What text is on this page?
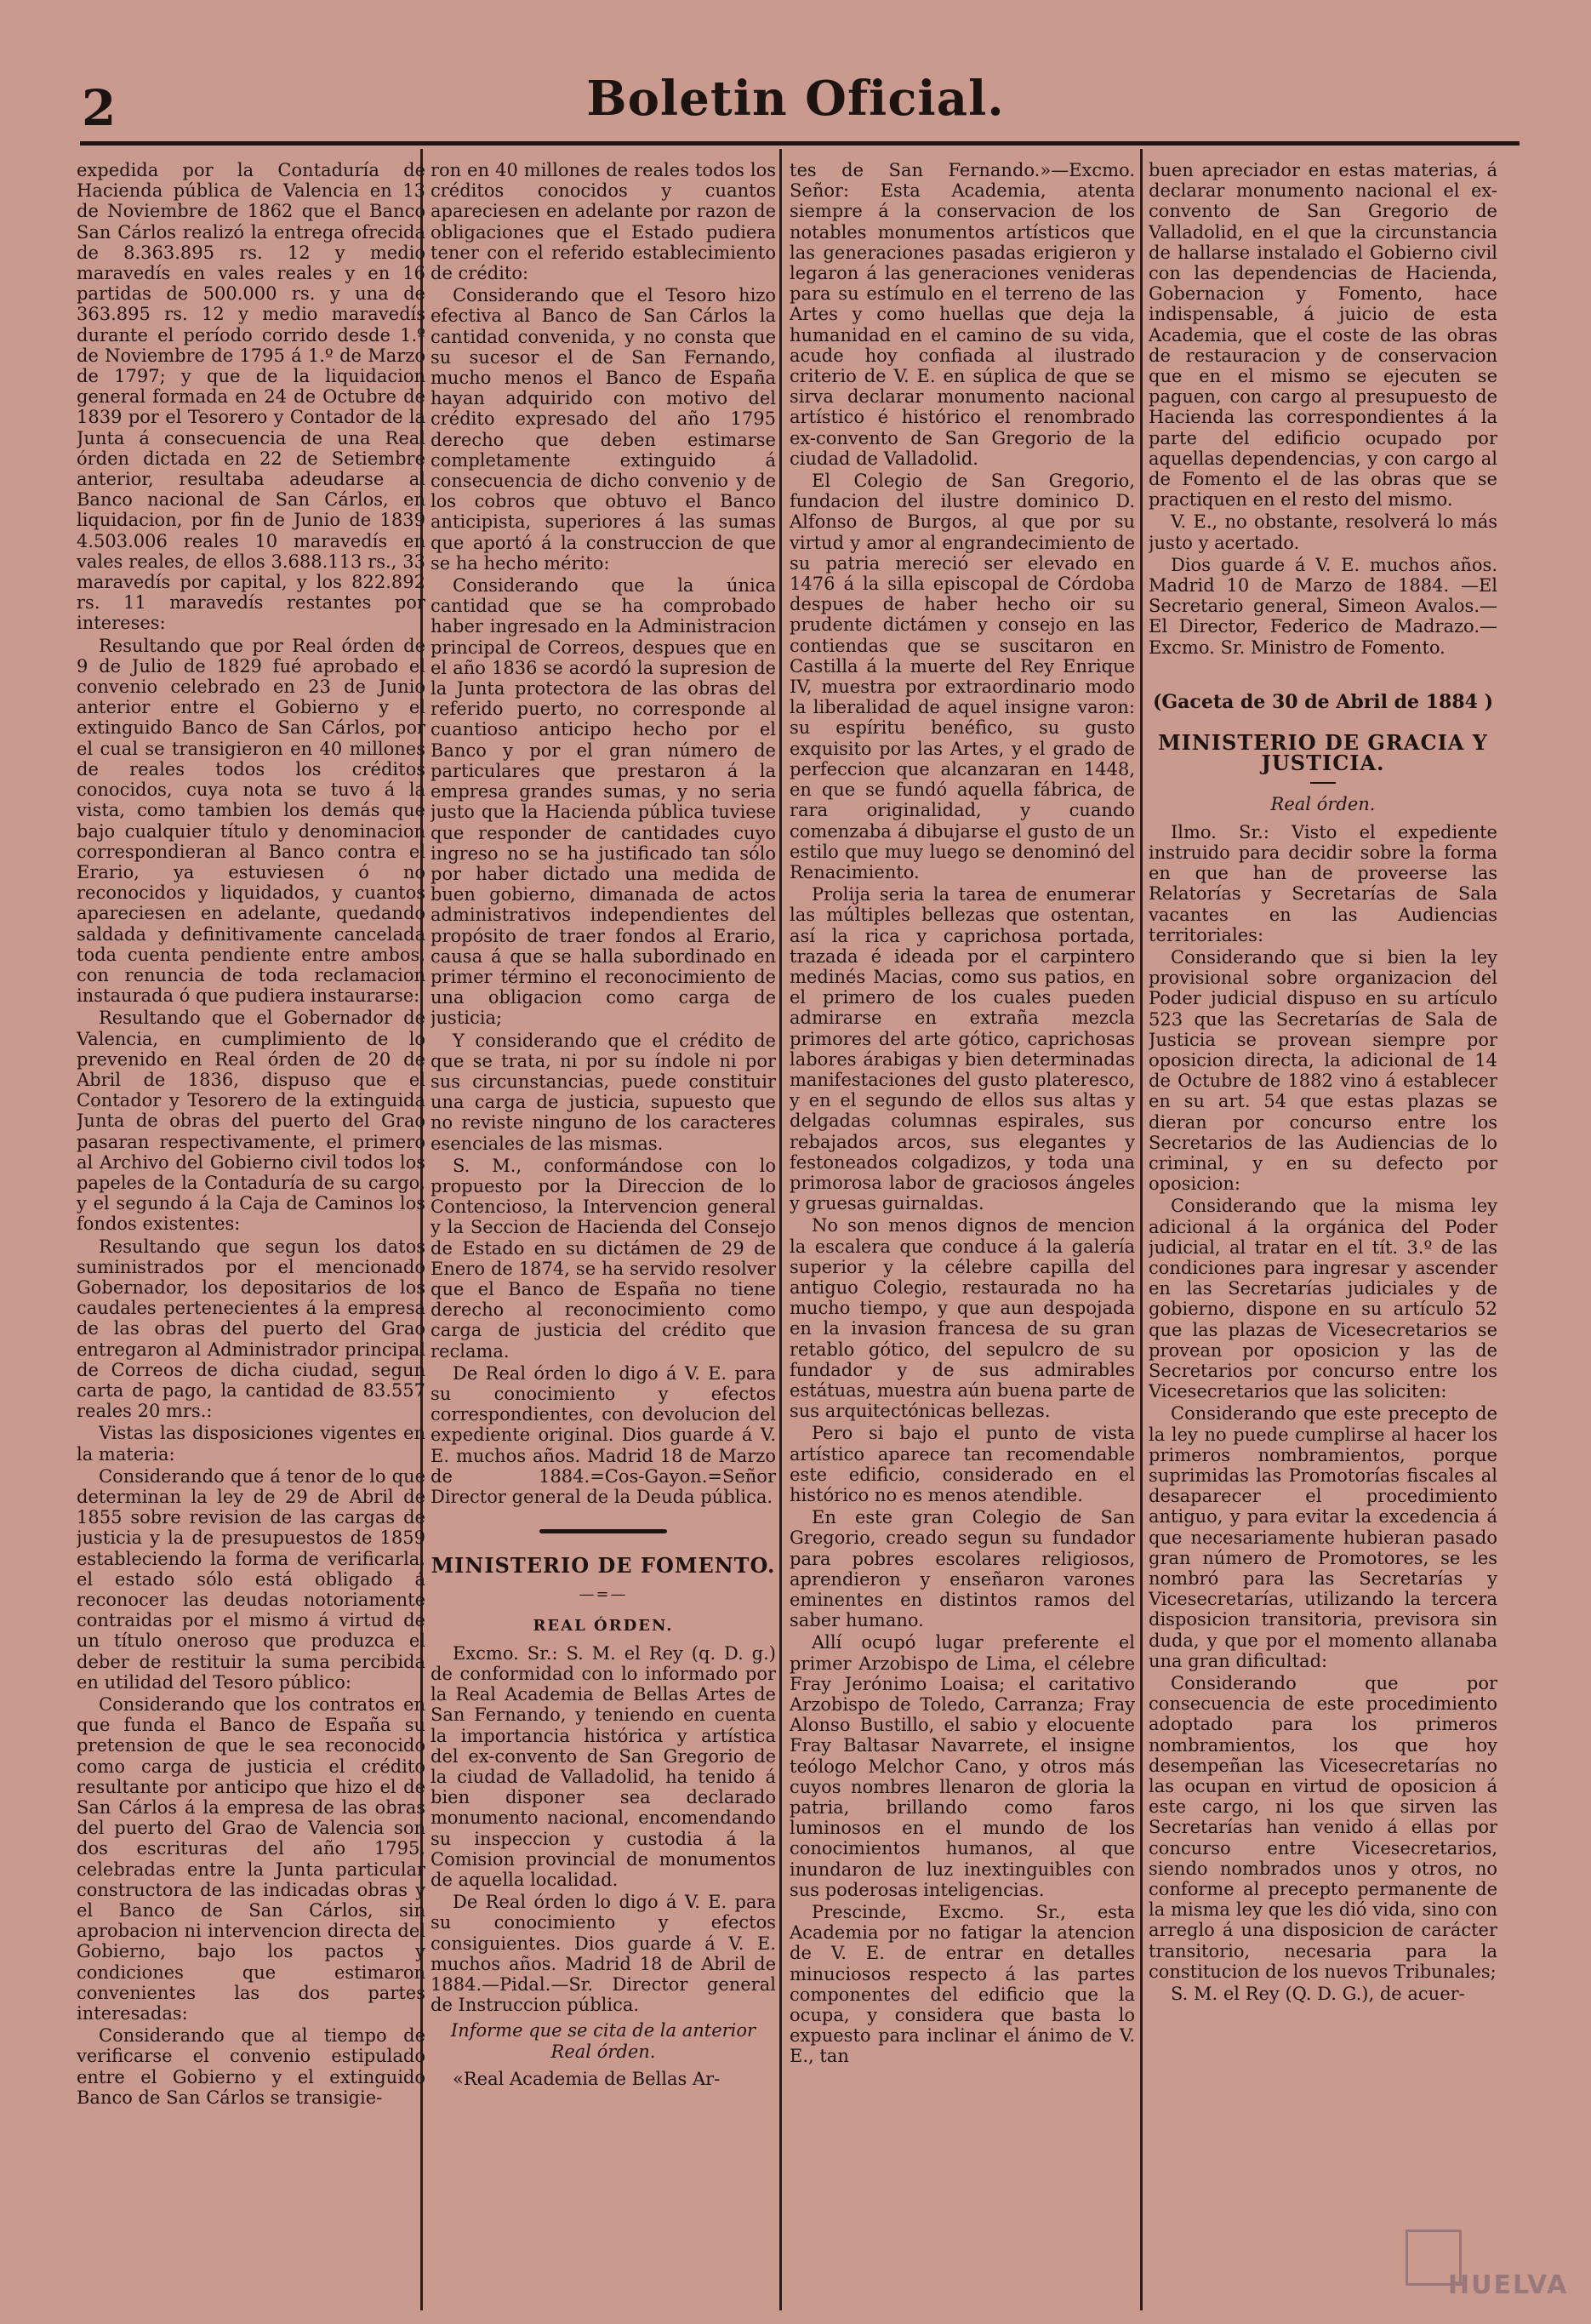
2	Boletin Oficial.

expedida por la Contaduría de Hacienda pública de Valencia en 13 de Noviembre de 1862 que el Banco San Cárlos realizó la entrega ofrecida de 8.363.895 rs. 12 y medio maravedís en vales reales y en 16 partidas de 500.000 rs. y una de 363.895 rs. 12 y medio maravedís durante el período corrido desde 1.º de Noviembre de 1795 á 1.º de Marzo de 1797; y que de la liquidacion general formada en 24 de Octubre de 1839 por el Tesorero y Contador de la Junta á consecuencia de una Real órden dictada en 22 de Setiembre anterior, resultaba adeudarse al Banco nacional de San Cárlos, en liquidacion, por fin de Junio de 1839 4.503.006 reales 10 maravedís en vales reales, de ellos 3.688.113 rs., 33 maravedís por capital, y los 822.892 rs. 11 maravedís restantes por intereses:

Resultando que por Real órden de 9 de Julio de 1829 fué aprobado el convenio celebrado en 23 de Junio anterior entre el Gobierno y el extinguido Banco de San Cárlos, por el cual se transigieron en 40 millones de reales todos los créditos conocidos, cuya nota se tuvo á la vista, como tambien los demás que bajo cualquier título y denominacion correspondieran al Banco contra el Erario, ya estuviesen ó no reconocidos y liquidados, y cuantos apareciesen en adelante, quedando saldada y definitivamente cancelada toda cuenta pendiente entre ambos, con renuncia de toda reclamacion instaurada ó que pudiera instaurarse:

Resultando que el Gobernador de Valencia, en cumplimiento de lo prevenido en Real órden de 20 de Abril de 1836, dispuso que el Contador y Tesorero de la extinguida Junta de obras del puerto del Grao pasaran respectivamente, el primero al Archivo del Gobierno civil todos los papeles de la Contaduría de su cargo, y el segundo á la Caja de Caminos los fondos existentes:

Resultando que segun los datos suministrados por el mencionado Gobernador, los depositarios de los caudales pertenecientes á la empresa de las obras del puerto del Grao entregaron al Administrador principal de Correos de dicha ciudad, segun carta de pago, la cantidad de 83.557 reales 20 mrs.:

Vistas las disposiciones vigentes en la materia:

Considerando que á tenor de lo que determinan la ley de 29 de Abril de 1855 sobre revision de las cargas de justicia y la de presupuestos de 1859 estableciendo la forma de verificarla, el estado sólo está obligado á reconocer las deudas notoriamente contraidas por el mismo á virtud de un título oneroso que produzca el deber de restituir la suma percibida en utilidad del Tesoro público:

Considerando que los contratos en que funda el Banco de España su pretension de que le sea reconocido como carga de justicia el crédito resultante por anticipo que hizo el de San Cárlos á la empresa de las obras del puerto del Grao de Valencia son dos escrituras del año 1795, celebradas entre la Junta particular constructora de las indicadas obras y el Banco de San Cárlos, sin aprobacion ni intervencion directa del Gobierno, bajo los pactos y condiciones que estimaron convenientes las dos partes interesadas:

Considerando que al tiempo de verificarse el convenio estipulado entre el Gobierno y el extinguido Banco de San Cárlos se transigie-

ron en 40 millones de reales todos los créditos conocidos y cuantos apareciesen en adelante por razon de obligaciones que el Estado pudiera tener con el referido establecimiento de crédito:

Considerando que el Tesoro hizo efectiva al Banco de San Cárlos la cantidad convenida, y no consta que su sucesor el de San Fernando, mucho menos el Banco de España hayan adquirido con motivo del crédito expresado del año 1795 derecho que deben estimarse completamente extinguido á consecuencia de dicho convenio y de los cobros que obtuvo el Banco anticipista, superiores á las sumas que aportó á la construccion de que se ha hecho mérito:

Considerando que la única cantidad que se ha comprobado haber ingresado en la Administracion principal de Correos, despues que en el año 1836 se acordó la supresion de la Junta protectora de las obras del referido puerto, no corresponde al cuantioso anticipo hecho por el Banco y por el gran número de particulares que prestaron á la empresa grandes sumas, y no seria justo que la Hacienda pública tuviese que responder de cantidades cuyo ingreso no se ha justificado tan sólo por haber dictado una medida de buen gobierno, dimanada de actos administrativos independientes del propósito de traer fondos al Erario, causa á que se halla subordinado en primer término el reconocimiento de una obligacion como carga de justicia;

Y considerando que el crédito de que se trata, ni por su índole ni por sus circunstancias, puede constituir una carga de justicia, supuesto que no reviste ninguno de los caracteres esenciales de las mismas.

S. M., conformándose con lo propuesto por la Direccion de lo Contencioso, la Intervencion general y la Seccion de Hacienda del Consejo de Estado en su dictámen de 29 de Enero de 1874, se ha servido resolver que el Banco de España no tiene derecho al reconocimiento como carga de justicia del crédito que reclama.

De Real órden lo digo á V. E. para su conocimiento y efectos correspondientes, con devolucion del expediente original. Dios guarde á V. E. muchos años. Madrid 18 de Marzo de 1884.=Cos-Gayon.=Señor Director general de la Deuda pública.

MINISTERIO DE FOMENTO.
—=—
REAL ÓRDEN.

Excmo. Sr.: S. M. el Rey (q. D. g.) de conformidad con lo informado por la Real Academia de Bellas Artes de San Fernando, y teniendo en cuenta la importancia histórica y artística del ex-convento de San Gregorio de la ciudad de Valladolid, ha tenido á bien disponer sea declarado monumento nacional, encomendando su inspeccion y custodia á la Comision provincial de monumentos de aquella localidad.

De Real órden lo digo á V. E. para su conocimiento y efectos consiguientes. Dios guarde á V. E. muchos años. Madrid 18 de Abril de 1884.—Pidal.—Sr. Director general de Instruccion pública.

Informe que se cita de la anterior Real órden.

«Real Academia de Bellas Ar-

tes de San Fernando.»—Excmo. Señor: Esta Academia, atenta siempre á la conservacion de los notables monumentos artísticos que las generaciones pasadas erigieron y legaron á las generaciones venideras para su estímulo en el terreno de las Artes y como huellas que deja la humanidad en el camino de su vida, acude hoy confiada al ilustrado criterio de V. E. en súplica de que se sirva declarar monumento nacional artístico é histórico el renombrado ex-convento de San Gregorio de la ciudad de Valladolid.

El Colegio de San Gregorio, fundacion del ilustre dominico D. Alfonso de Burgos, al que por su virtud y amor al engrandecimiento de su patria mereció ser elevado en 1476 á la silla episcopal de Córdoba despues de haber hecho oir su prudente dictámen y consejo en las contiendas que se suscitaron en Castilla á la muerte del Rey Enrique IV, muestra por extraordinario modo la liberalidad de aquel insigne varon: su espíritu benéfico, su gusto exquisito por las Artes, y el grado de perfeccion que alcanzaran en 1448, en que se fundó aquella fábrica, de rara originalidad, y cuando comenzaba á dibujarse el gusto de un estilo que muy luego se denominó del Renacimiento.

Prolija seria la tarea de enumerar las múltiples bellezas que ostentan, así la rica y caprichosa portada, trazada é ideada por el carpintero medinés Macias, como sus patios, en el primero de los cuales pueden admirarse en extraña mezcla primores del arte gótico, caprichosas labores árabigas y bien determinadas manifestaciones del gusto plateresco, y en el segundo de ellos sus altas y delgadas columnas espirales, sus rebajados arcos, sus elegantes y festoneados colgadizos, y toda una primorosa labor de graciosos ángeles y gruesas guirnaldas.

No son menos dignos de mencion la escalera que conduce á la galería superior y la célebre capilla del antiguo Colegio, restaurada no ha mucho tiempo, y que aun despojada en la invasion francesa de su gran retablo gótico, del sepulcro de su fundador y de sus admirables estátuas, muestra aún buena parte de sus arquitectónicas bellezas.

Pero si bajo el punto de vista artístico aparece tan recomendable este edificio, considerado en el histórico no es menos atendible.

En este gran Colegio de San Gregorio, creado segun su fundador para pobres escolares religiosos, aprendieron y enseñaron varones eminentes en distintos ramos del saber humano.

Allí ocupó lugar preferente el primer Arzobispo de Lima, el célebre Fray Jerónimo Loaisa; el caritativo Arzobispo de Toledo, Carranza; Fray Alonso Bustillo, el sabio y elocuente Fray Baltasar Navarrete, el insigne teólogo Melchor Cano, y otros más cuyos nombres llenaron de gloria la patria, brillando como faros luminosos en el mundo de los conocimientos humanos, al que inundaron de luz inextinguibles con sus poderosas inteligencias.

Prescinde, Excmo. Sr., esta Academia por no fatigar la atencion de V. E. de entrar en detalles minuciosos respecto á las partes componentes del edificio que la ocupa, y considera que basta lo expuesto para inclinar el ánimo de V. E., tan

buen apreciador en estas materias, á declarar monumento nacional el ex-convento de San Gregorio de Valladolid, en el que la circunstancia de hallarse instalado el Gobierno civil con las dependencias de Hacienda, Gobernacion y Fomento, hace indispensable, á juicio de esta Academia, que el coste de las obras de restauracion y de conservacion que en el mismo se ejecuten se paguen, con cargo al presupuesto de Hacienda las correspondientes á la parte del edificio ocupado por aquellas dependencias, y con cargo al de Fomento el de las obras que se practiquen en el resto del mismo.

V. E., no obstante, resolverá lo más justo y acertado.

Dios guarde á V. E. muchos años. Madrid 10 de Marzo de 1884. —El Secretario general, Simeon Avalos.—El Director, Federico de Madrazo.—Excmo. Sr. Ministro de Fomento.

(Gaceta de 30 de Abril de 1884 )
MINISTERIO DE GRACIA Y JUSTICIA.
Real órden.

Ilmo. Sr.: Visto el expediente instruido para decidir sobre la forma en que han de proveerse las Relatorías y Secretarías de Sala vacantes en las Audiencias territoriales:

Considerando que si bien la ley provisional sobre organizacion del Poder judicial dispuso en su artículo 523 que las Secretarías de Sala de Justicia se provean siempre por oposicion directa, la adicional de 14 de Octubre de 1882 vino á establecer en su art. 54 que estas plazas se dieran por concurso entre los Secretarios de las Audiencias de lo criminal, y en su defecto por oposicion:

Considerando que la misma ley adicional á la orgánica del Poder judicial, al tratar en el tít. 3.º de las condiciones para ingresar y ascender en las Secretarías judiciales y de gobierno, dispone en su artículo 52 que las plazas de Vicesecretarios se provean por oposicion y las de Secretarios por concurso entre los Vicesecretarios que las soliciten:

Considerando que este precepto de la ley no puede cumplirse al hacer los primeros nombramientos, porque suprimidas las Promotorías fiscales al desaparecer el procedimiento antiguo, y para evitar la excedencia á que necesariamente hubieran pasado gran número de Promotores, se les nombró para las Secretarías y Vicesecretarías, utilizando la tercera disposicion transitoria, previsora sin duda, y que por el momento allanaba una gran dificultad:

Considerando que por consecuencia de este procedimiento adoptado para los primeros nombramientos, los que hoy desempeñan las Vicesecretarías no las ocupan en virtud de oposicion á este cargo, ni los que sirven las Secretarías han venido á ellas por concurso entre Vicesecretarios, siendo nombrados unos y otros, no conforme al precepto permanente de la misma ley que les dió vida, sino con arreglo á una disposicion de carácter transitorio, necesaria para la constitucion de los nuevos Tribunales;

S. M. el Rey (Q. D. G.), de acuer-

HUELVA
